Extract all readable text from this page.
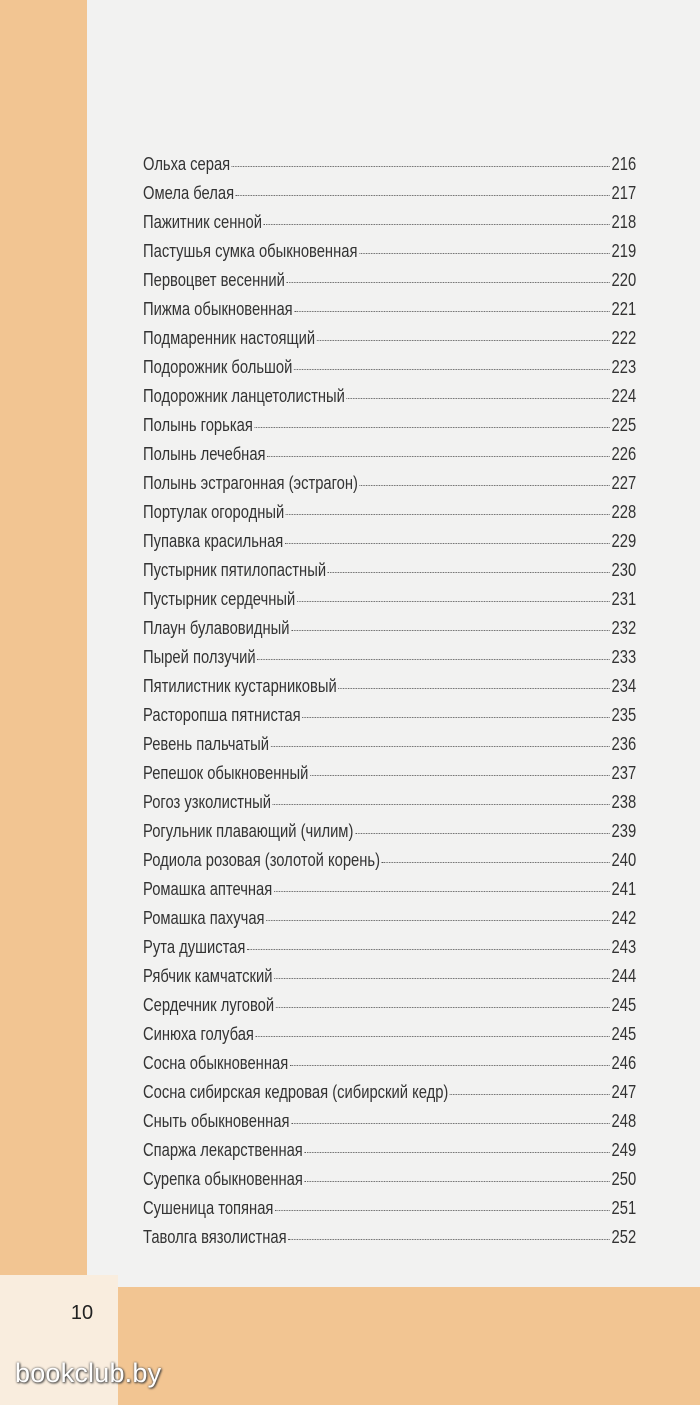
Ольха серая	216
Омела белая	217
Пажитник сенной	218
Пастушья сумка обыкновенная	219
Первоцвет весенний	220
Пижма обыкновенная	221
Подмаренник настоящий	222
Подорожник большой	223
Подорожник ланцетолистный	224
Полынь горькая	225
Полынь лечебная	226
Полынь эстрагонная (эстрагон)	227
Портулак огородный	228
Пупавка красильная	229
Пустырник пятилопастный	230
Пустырник сердечный	231
Плаун булавовидный	232
Пырей ползучий	233
Пятилистник кустарниковый	234
Расторопша пятнистая	235
Ревень пальчатый	236
Репешок обыкновенный	237
Рогоз узколистный	238
Рогульник плавающий (чилим)	239
Родиола розовая (золотой корень)	240
Ромашка аптечная	241
Ромашка пахучая	242
Рута душистая	243
Рябчик камчатский	244
Сердечник луговой	245
Синюха голубая	245
Сосна обыкновенная	246
Сосна сибирская кедровая (сибирский кедр)	247
Сныть обыкновенная	248
Спаржа лекарственная	249
Сурепка обыкновенная	250
Сушеница топяная	251
Таволга вязолистная	252
10
bookclub.by
